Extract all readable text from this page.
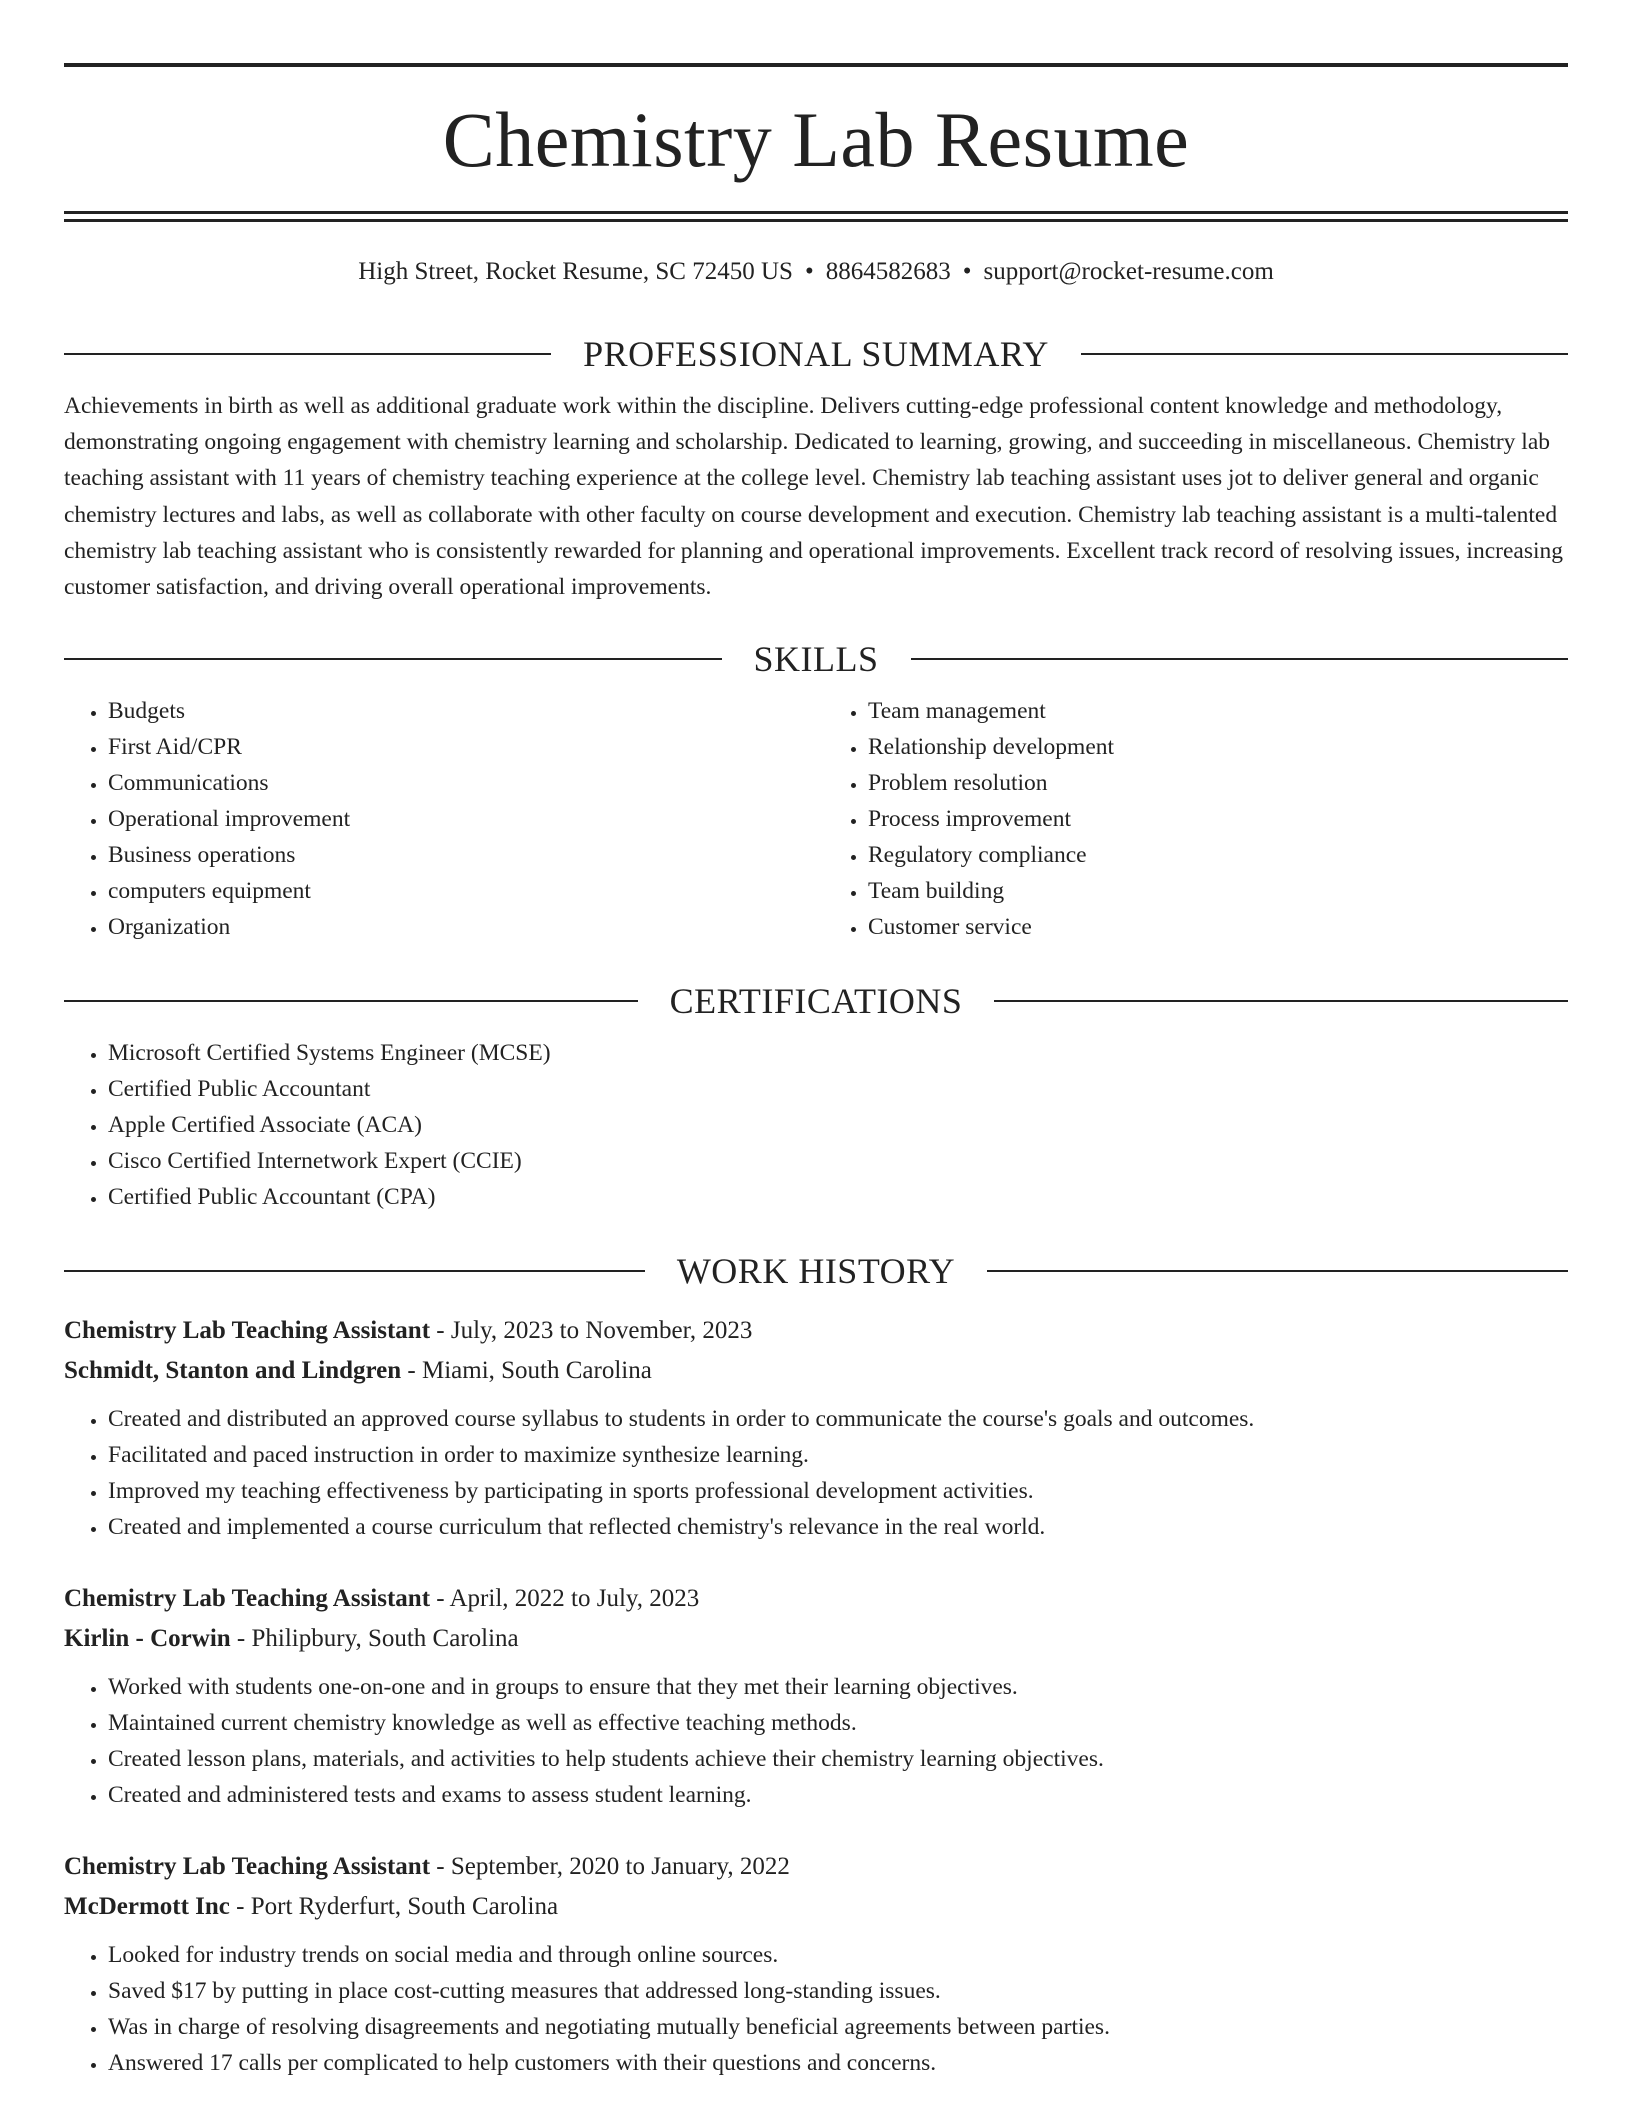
Chemistry Lab Resume
High Street, Rocket Resume, SC 72450 US • 8864582683 • support@rocket-resume.com
PROFESSIONAL SUMMARY

Achievements in birth as well as additional graduate work within the discipline. Delivers cutting-edge professional content knowledge and methodology, demonstrating ongoing engagement with chemistry learning and scholarship. Dedicated to learning, growing, and succeeding in miscellaneous. Chemistry lab teaching assistant with 11 years of chemistry teaching experience at the college level. Chemistry lab teaching assistant uses jot to deliver general and organic chemistry lectures and labs, as well as collaborate with other faculty on course development and execution. Chemistry lab teaching assistant is a multi-talented chemistry lab teaching assistant who is consistently rewarded for planning and operational improvements. Excellent track record of resolving issues, increasing customer satisfaction, and driving overall operational improvements.

SKILLS
• Budgets
• First Aid/CPR
• Communications
• Operational improvement
• Business operations
• computers equipment
• Organization
• Team management
• Relationship development
• Problem resolution
• Process improvement
• Regulatory compliance
• Team building
• Customer service
CERTIFICATIONS
• Microsoft Certified Systems Engineer (MCSE)
• Certified Public Accountant
• Apple Certified Associate (ACA)
• Cisco Certified Internetwork Expert (CCIE)
• Certified Public Accountant (CPA)
WORK HISTORY
Chemistry Lab Teaching Assistant - July, 2023 to November, 2023
Schmidt, Stanton and Lindgren - Miami, South Carolina
• Created and distributed an approved course syllabus to students in order to communicate the course's goals and outcomes.
• Facilitated and paced instruction in order to maximize synthesize learning.
• Improved my teaching effectiveness by participating in sports professional development activities.
• Created and implemented a course curriculum that reflected chemistry's relevance in the real world.
Chemistry Lab Teaching Assistant - April, 2022 to July, 2023
Kirlin - Corwin - Philipbury, South Carolina
• Worked with students one-on-one and in groups to ensure that they met their learning objectives.
• Maintained current chemistry knowledge as well as effective teaching methods.
• Created lesson plans, materials, and activities to help students achieve their chemistry learning objectives.
• Created and administered tests and exams to assess student learning.
Chemistry Lab Teaching Assistant - September, 2020 to January, 2022
McDermott Inc - Port Ryderfurt, South Carolina
• Looked for industry trends on social media and through online sources.
• Saved $17 by putting in place cost-cutting measures that addressed long-standing issues.
• Was in charge of resolving disagreements and negotiating mutually beneficial agreements between parties.
• Answered 17 calls per complicated to help customers with their questions and concerns.
